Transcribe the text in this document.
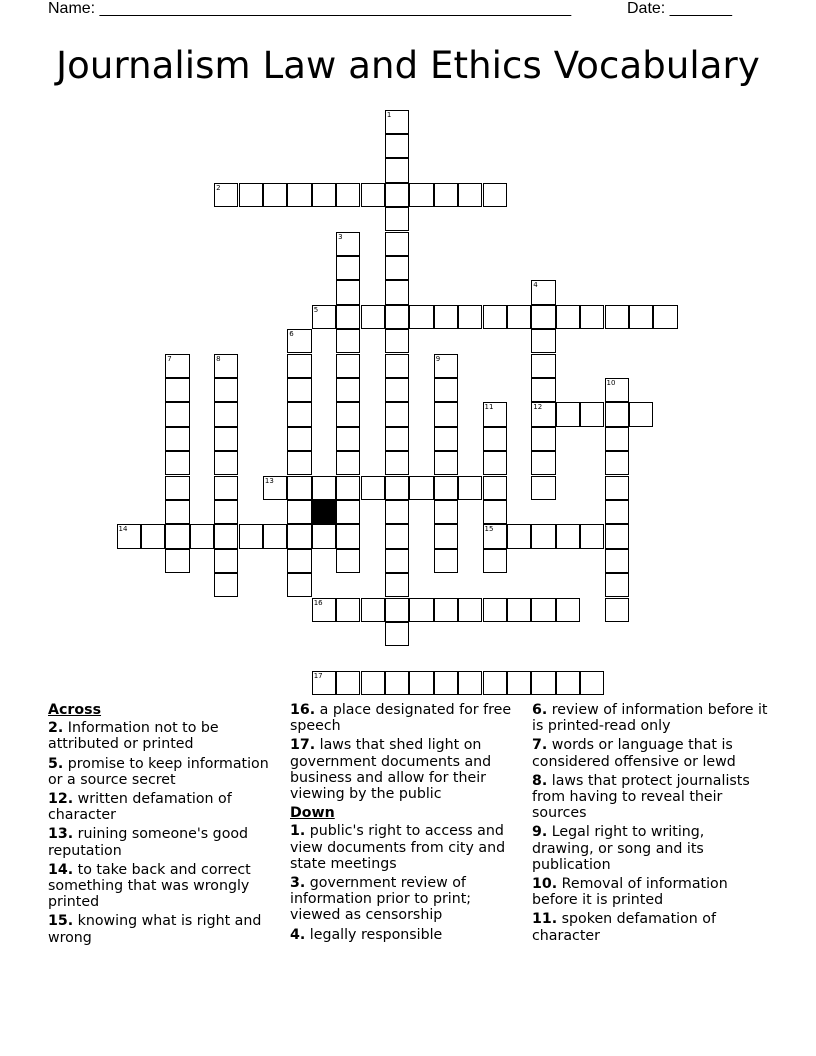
Name: _____________________________________________________	Date: _______
Journalism Law and Ethics Vocabulary
1
2
3
4
12
5
6
7	8	9
10
11
15
13
14
16
17
Across
2. Information not to be attributed or printed
5. promise to keep information or a source secret
12. written defamation of character
13. ruining someone's good reputation
14. to take back and correct something that was wrongly printed
15. knowing what is right and wrong
16. a place designated for free speech
17. laws that shed light on government documents and business and allow for their viewing by the public
Down
1. public's right to access and view documents from city and state meetings
3. government review of information prior to print; viewed as censorship
4. legally responsible
6. review of information before it is printed-read only
7. words or language that is considered offensive or lewd
8. laws that protect journalists from having to reveal their sources
9. Legal right to writing, drawing, or song and its publication
10. Removal of information before it is printed
11. spoken defamation of character
